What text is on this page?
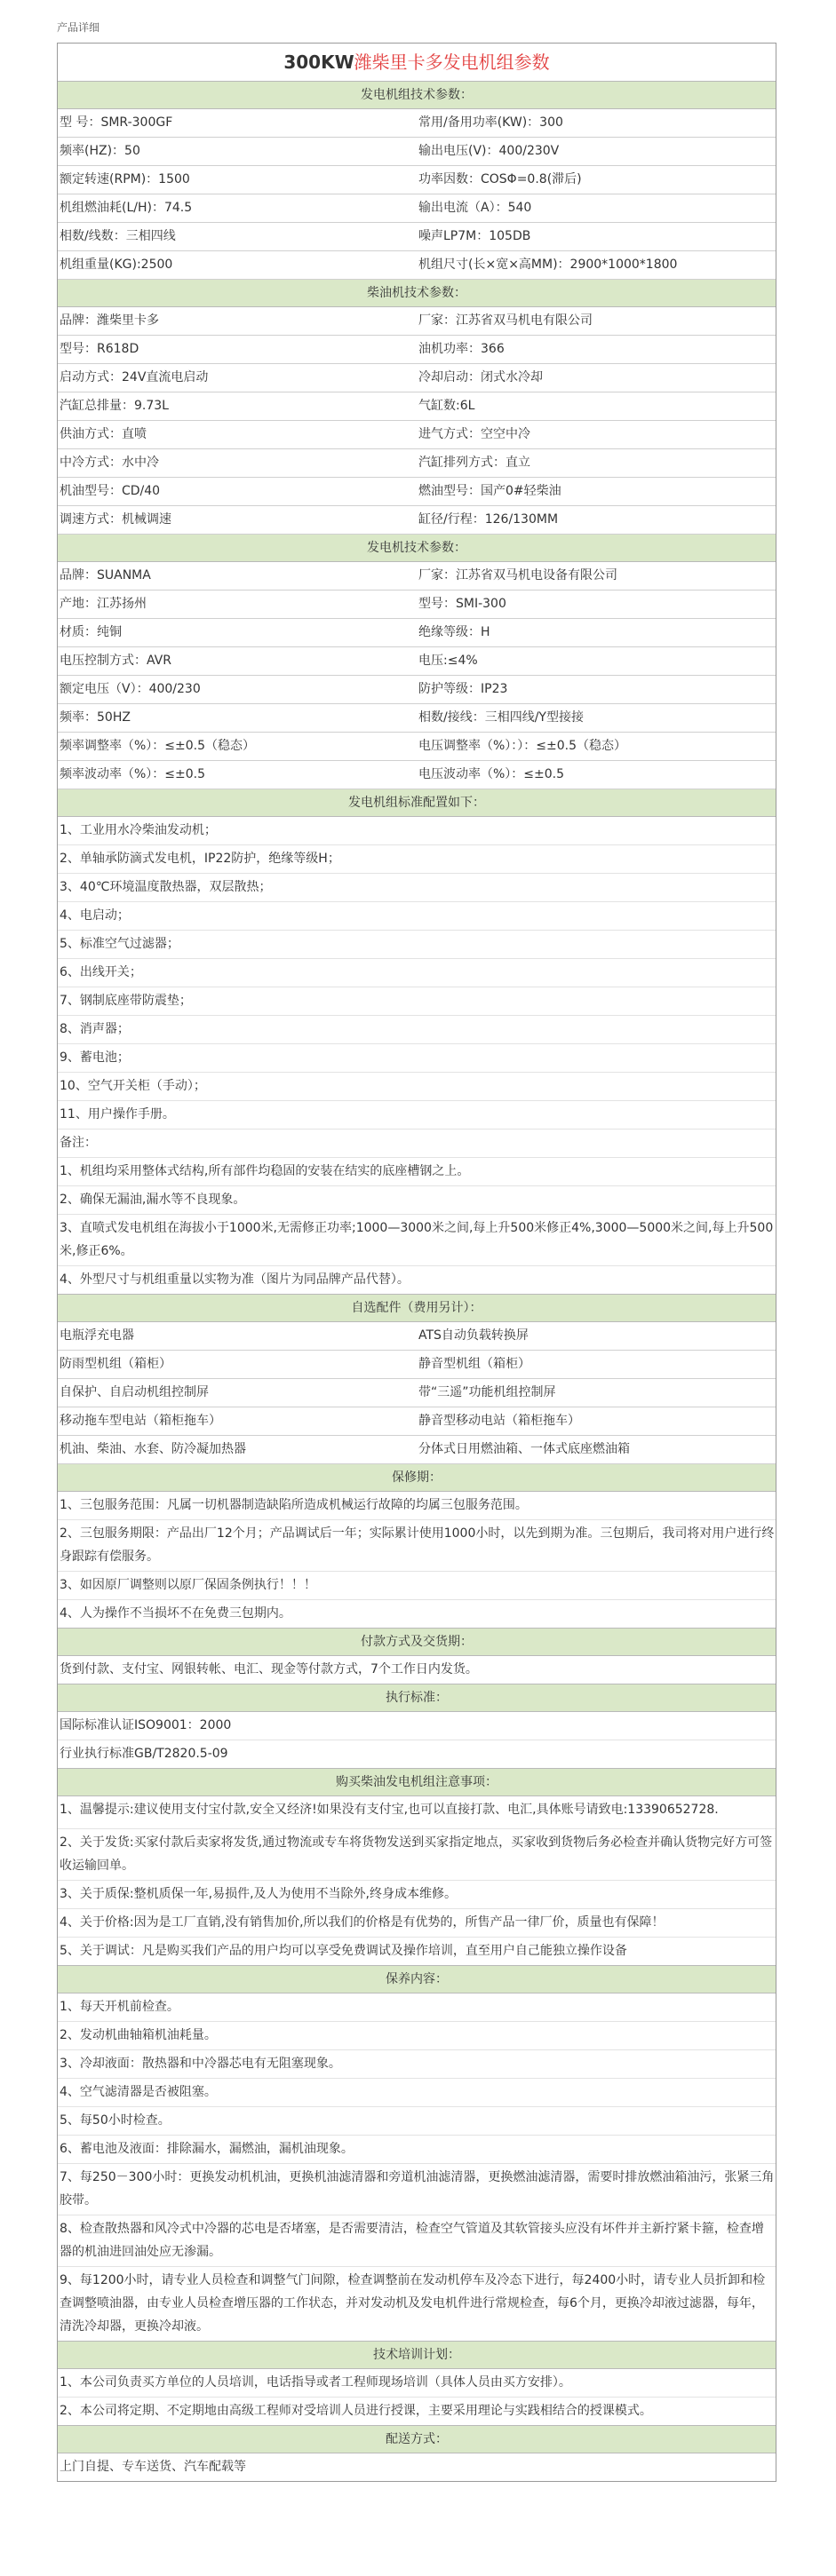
产品详细
300KW潍柴里卡多发电机组参数
发电机组技术参数：
型 号：SMR-300GF	常用/备用功率(KW)：300
频率(HZ)：50	输出电压(V)：400/230V
额定转速(RPM)：1500	功率因数：COSΦ=0.8(滞后)
机组燃油耗(L/H)：74.5	输出电流（A）：540
相数/线数：三相四线	噪声LP7M：105DB
机组重量(KG):2500	机组尺寸(长×宽×高MM)：2900*1000*1800
柴油机技术参数：
品牌：潍柴里卡多	厂家：江苏省双马机电有限公司
型号：R618D	油机功率：366
启动方式：24V直流电启动	冷却启动：闭式水冷却
汽缸总排量：9.73L	气缸数:6L
供油方式：直喷	进气方式：空空中冷
中冷方式：水中冷	汽缸排列方式：直立
机油型号：CD/40	燃油型号：国产0#轻柴油
调速方式：机械调速	缸径/行程：126/130MM
发电机技术参数：
品牌：SUANMA	厂家：江苏省双马机电设备有限公司
产地：江苏扬州	型号：SMI-300
材质：纯铜	绝缘等级：H
电压控制方式：AVR	电压:≤4%
额定电压（V）：400/230	防护等级：IP23
频率：50HZ	相数/接线：三相四线/Y型接接
频率调整率（%）：≤±0.5（稳态）	电压调整率（%）：）：≤±0.5（稳态）
频率波动率（%）：≤±0.5	电压波动率（%）：≤±0.5
发电机组标准配置如下：
1、工业用水冷柴油发动机；
2、单轴承防滴式发电机，IP22防护，绝缘等级H；
3、40℃环境温度散热器，双层散热；
4、电启动；
5、标准空气过滤器；
6、出线开关；
7、钢制底座带防震垫；
8、消声器；
9、蓄电池；
10、空气开关柜（手动）；
11、用户操作手册。
备注：
1、机组均采用整体式结构,所有部件均稳固的安装在结实的底座槽钢之上。
2、确保无漏油,漏水等不良现象。
3、直喷式发电机组在海拔小于1000米,无需修正功率;1000—3000米之间,每上升500米修正4%,3000—5000米之间,每上升500米,修正6%。
4、外型尺寸与机组重量以实物为准（图片为同品牌产品代替）。
自选配件（费用另计）：
电瓶浮充电器	ATS自动负载转换屏
防雨型机组（箱柜）	静音型机组（箱柜）
自保护、自启动机组控制屏	带“三遥”功能机组控制屏
移动拖车型电站（箱柜拖车）	静音型移动电站（箱柜拖车）
机油、柴油、水套、防冷凝加热器	分体式日用燃油箱、一体式底座燃油箱
保修期：
1、三包服务范围：凡属一切机器制造缺陷所造成机械运行故障的均属三包服务范围。
2、三包服务期限：产品出厂12个月；产品调试后一年；实际累计使用1000小时，以先到期为准。三包期后，我司将对用户进行终身跟踪有偿服务。
3、如因原厂调整则以原厂保固条例执行！！！
4、人为操作不当损坏不在免费三包期内。
付款方式及交货期：
货到付款、支付宝、网银转帐、电汇、现金等付款方式，7个工作日内发货。
执行标准：
国际标准认证ISO9001：2000
行业执行标准GB/T2820.5-09
购买柴油发电机组注意事项：
1、温馨提示:建议使用支付宝付款,安全又经济!如果没有支付宝,也可以直接打款、电汇,具体账号请致电:13390652728.
2、关于发货:买家付款后卖家将发货,通过物流或专车将货物发送到买家指定地点，买家收到货物后务必检查并确认货物完好方可签收运输回单。
3、关于质保:整机质保一年,易损件,及人为使用不当除外,终身成本维修。
4、关于价格:因为是工厂直销,没有销售加价,所以我们的价格是有优势的，所售产品一律厂价，质量也有保障！
5、关于调试：凡是购买我们产品的用户均可以享受免费调试及操作培训，直至用户自己能独立操作设备
保养内容：
1、每天开机前检查。
2、发动机曲轴箱机油耗量。
3、冷却液面：散热器和中冷器芯电有无阻塞现象。
4、空气滤清器是否被阻塞。
5、每50小时检查。
6、蓄电池及液面：排除漏水，漏燃油，漏机油现象。
7、每250－300小时：更换发动机机油，更换机油滤清器和旁道机油滤清器，更换燃油滤清器，需要时排放燃油箱油污，张紧三角胶带。
8、检查散热器和风冷式中冷器的芯电是否堵塞，是否需要清洁，检查空气管道及其软管接头应没有坏件并主新拧紧卡箍，检查增器的机油进回油处应无渗漏。
9、每1200小时，请专业人员检查和调整气门间隙，检查调整前在发动机停车及冷态下进行，每2400小时，请专业人员折卸和检查调整喷油器，由专业人员检查增压器的工作状态，并对发动机及发电机件进行常规检查，每6个月，更换冷却液过滤器，每年，清洗冷却器，更换冷却液。
技术培训计划：
1、本公司负责买方单位的人员培训，电话指导或者工程师现场培训（具体人员由买方安排）。
2、本公司将定期、不定期地由高级工程师对受培训人员进行授课，主要采用理论与实践相结合的授课模式。
配送方式：
上门自提、专车送货、汽车配载等
